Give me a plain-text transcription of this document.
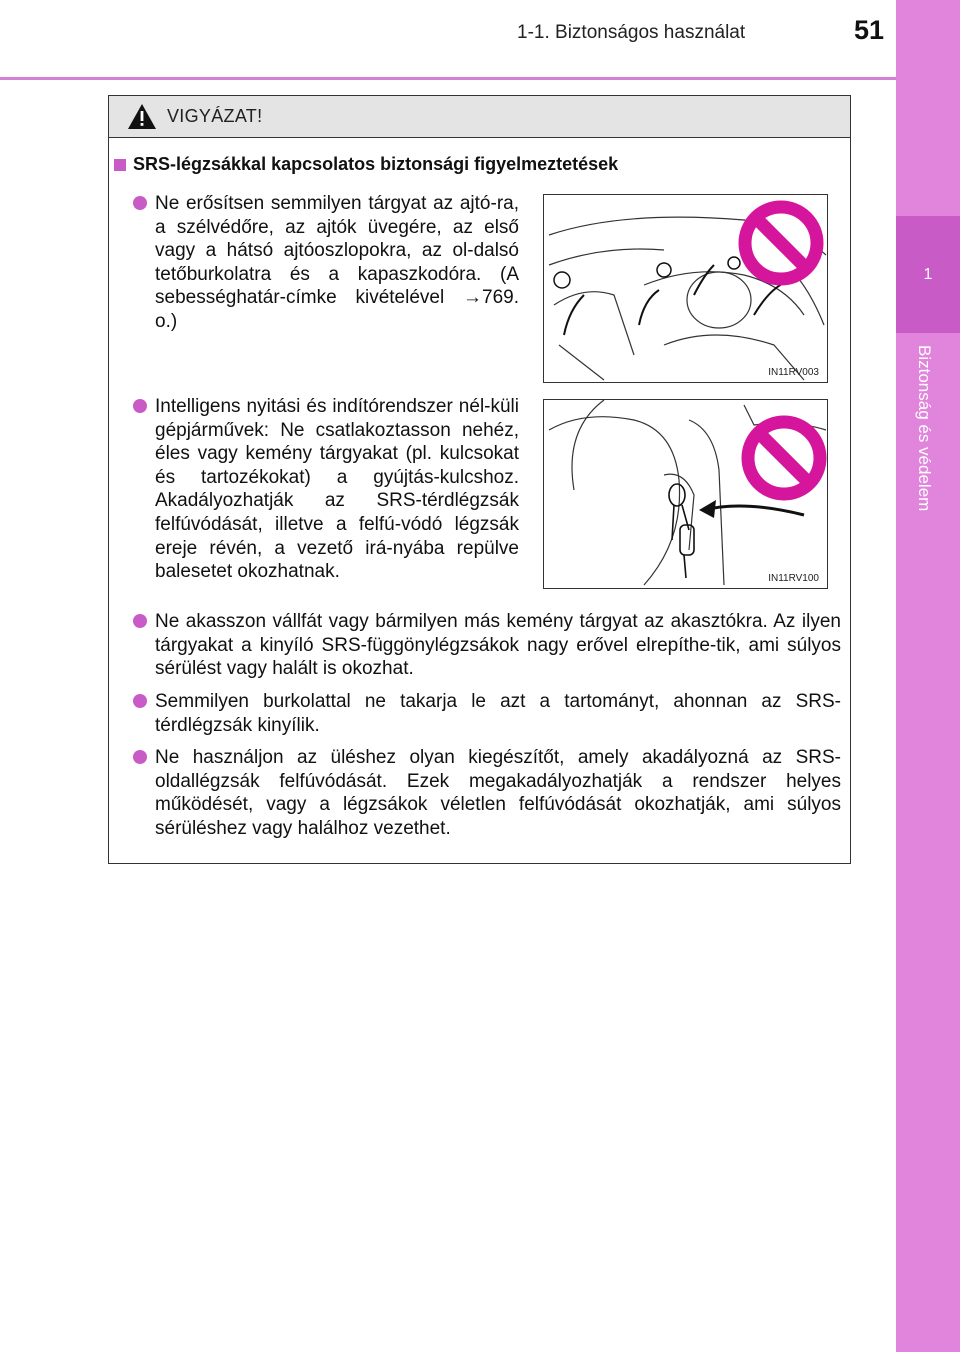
1-1. Biztonságos használat	51
1
Biztonság és védelem
VIGYÁZAT!
SRS-légzsákkal kapcsolatos biztonsági figyelmeztetések

Ne erősítsen semmilyen tárgyat az ajtó-ra, a szélvédőre, az ajtók üvegére, az első vagy a hátsó ajtóoszlopokra, az ol-dalsó tetőburkolatra és a kapaszkodóra. (A sebességhatár-címke kivételével →769. o.)

IN11RV003

Intelligens nyitási és indítórendszer nél-küli gépjárművek: Ne csatlakoztasson nehéz, éles vagy kemény tárgyakat (pl. kulcsokat és tartozékokat) a gyújtás-kulcshoz. Akadályozhatják az SRS-térdlégzsák felfúvódását, illetve a felfú-vódó légzsák ereje révén, a vezető irá-nyába repülve balesetet okozhatnak.	IN11RV100

Ne akasszon vállfát vagy bármilyen más kemény tárgyat az akasztókra. Az ilyen tárgyakat a kinyíló SRS-függönylégzsákok nagy erővel elrepíthe-tik, ami súlyos sérülést vagy halált is okozhat.

Semmilyen burkolattal ne takarja le azt a tartományt, ahonnan az SRS-térdlégzsák kinyílik.

Ne használjon az üléshez olyan kiegészítőt, amely akadályozná az SRS-oldallégzsák felfúvódását. Ezek megakadályozhatják a rendszer helyes működését, vagy a légzsákok véletlen felfúvódását okozhatják, ami súlyos sérüléshez vagy halálhoz vezethet.
